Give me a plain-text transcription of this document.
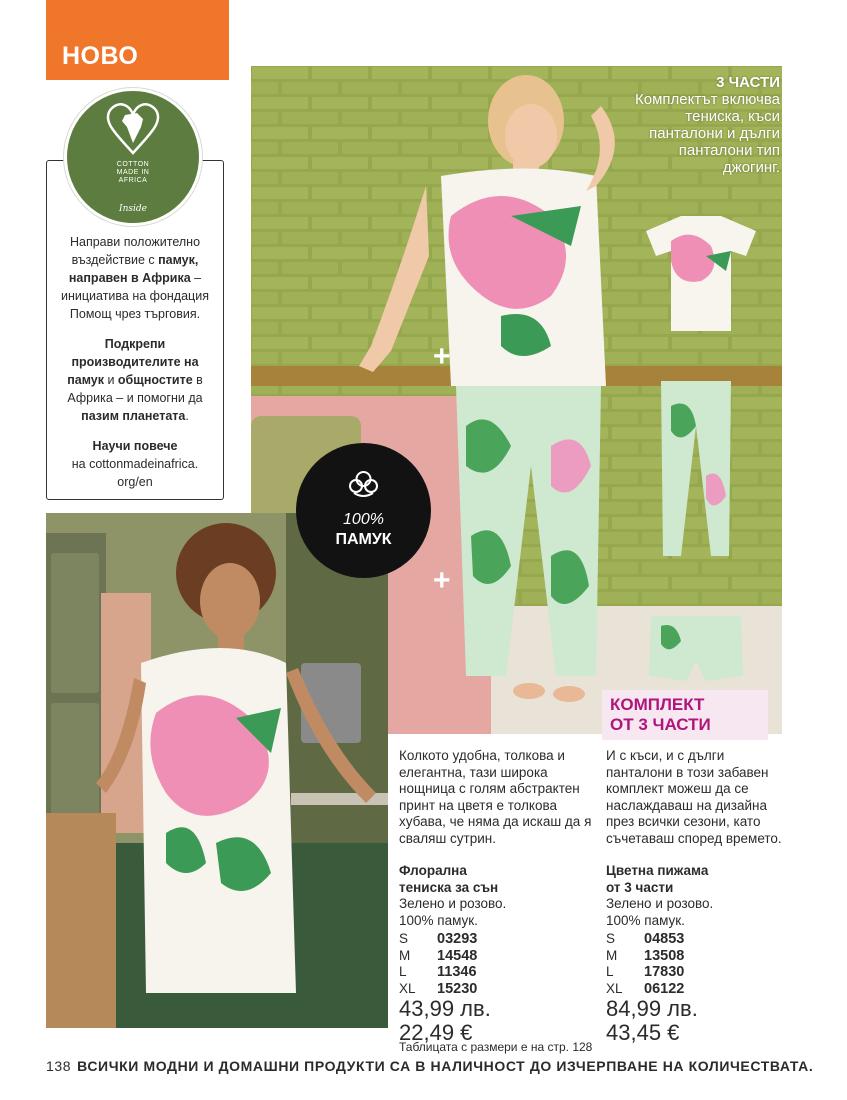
НОВО

Направи положително въздействие с памук, направен в Африка – инициатива на фондация Помощ чрез търговия.

Подкрепи производителите на памук и общностите в Африка – и помогни да пазим планетата.

Научи повече
на cottonmadeinafrica. org/en

COTTON
MADE IN
AFRICA
Inside
+
+
3 ЧАСТИ
Комплектът включва тениска, къси панталони и дълги панталони тип джогинг.
100%
ПАМУК
КОМПЛЕКТ
ОТ 3 ЧАСТИ
Колкото удобна, толкова и елегантна, тази широка нощница с голям абстрактен принт на цветя е толкова хубава, че няма да искаш да я сваляш сутрин.
Флорална
тениска за сън
Зелено и розово.
100% памук.
S	03293
M	14548
L	11346
XL	15230
43,99 лв.
22,49 €
И с къси, и с дълги панталони в този забавен комплект можеш да се наслаждаваш на дизайна през всички сезони, като съчетаваш според времето.
Цветна пижама
от 3 части
Зелено и розово.
100% памук.
S	04853
M	13508
L	17830
XL	06122
84,99 лв.
43,45 €
Таблицата с размери е на стр. 128
138 ВСИЧКИ МОДНИ И ДОМАШНИ ПРОДУКТИ СА В НАЛИЧНОСТ ДО ИЗЧЕРПВАНЕ НА КОЛИЧЕСТВАТА.
